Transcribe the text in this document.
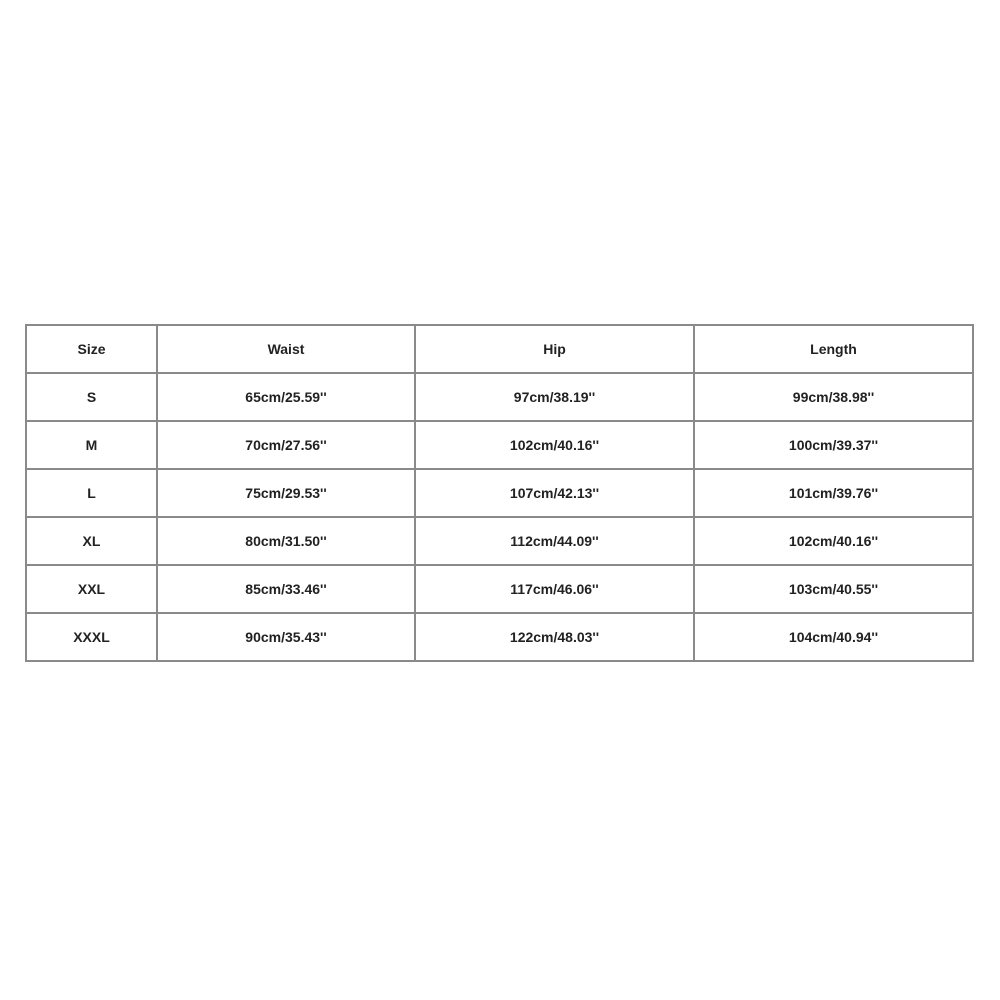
Size	Waist	Hip	Length
S	65cm/25.59''	97cm/38.19''	99cm/38.98''
M	70cm/27.56''	102cm/40.16''	100cm/39.37''
L	75cm/29.53''	107cm/42.13''	101cm/39.76''
XL	80cm/31.50''	112cm/44.09''	102cm/40.16''
XXL	85cm/33.46''	117cm/46.06''	103cm/40.55''
XXXL	90cm/35.43''	122cm/48.03''	104cm/40.94''
